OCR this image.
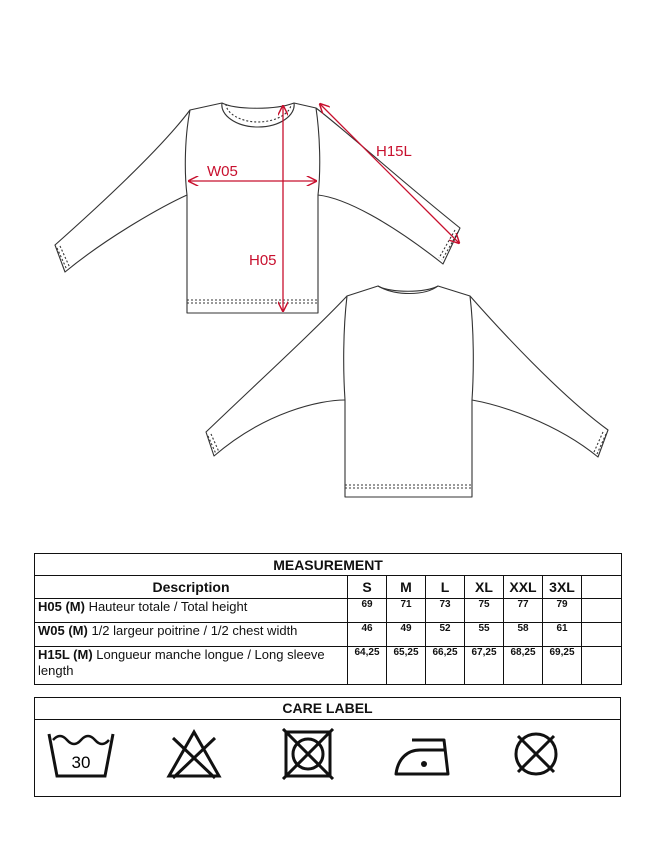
W05
H05
H15L
MEASUREMENT							
Description	S	M	L	XL	XXL	3XL	
H05 (M) Hauteur totale / Total height	69	71	73	75	77	79	
W05 (M) 1/2 largeur poitrine / 1/2 chest width	46	49	52	55	58	61	
H15L (M) Longueur manche longue / Long sleeve length	64,25	65,25	66,25	67,25	68,25	69,25	
CARE LABEL
30
